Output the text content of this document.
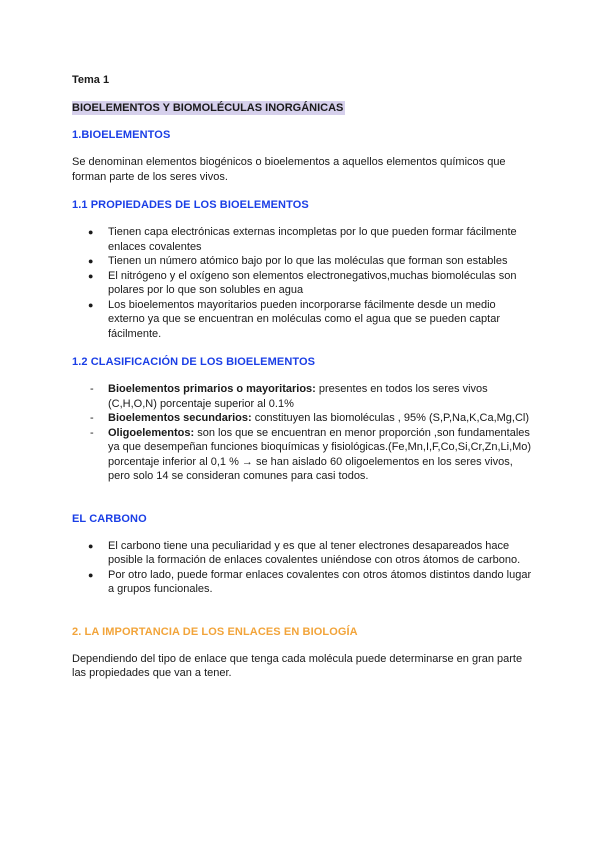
Tema 1

BIOELEMENTOS Y BIOMOLÉCULAS INORGÁNICAS
1.BIOELEMENTOS

Se denominan elementos biogénicos o bioelementos a aquellos elementos químicos que forman parte de los seres vivos.

1.1 PROPIEDADES DE LOS BIOELEMENTOS
● Tienen capa electrónicas externas incompletas por lo que pueden formar fácilmente enlaces covalentes
● Tienen un número atómico bajo por lo que las moléculas que forman son estables
● El nitrógeno y el oxígeno son elementos electronegativos,muchas biomoléculas son polares por lo que son solubles en agua
● Los bioelementos mayoritarios pueden incorporarse fácilmente desde un medio externo ya que se encuentran en moléculas como el agua que se pueden captar fácilmente.
1.2 CLASIFICACIÓN DE LOS BIOELEMENTOS
- Bioelementos primarios o mayoritarios: presentes en todos los seres vivos (C,H,O,N) porcentaje superior al 0.1%
- Bioelementos secundarios: constituyen las biomoléculas , 95% (S,P,Na,K,Ca,Mg,Cl)
- Oligoelementos: son los que se encuentran en menor proporción ,son fundamentales ya que desempeñan funciones bioquímicas y fisiológicas.(Fe,Mn,I,F,Co,Si,Cr,Zn,Li,Mo) porcentaje inferior al 0,1 % → se han aislado 60 oligoelementos en los seres vivos, pero solo 14 se consideran comunes para casi todos.
EL CARBONO
● El carbono tiene una peculiaridad y es que al tener electrones desapareados hace posible la formación de enlaces covalentes uniéndose con otros átomos de carbono.
● Por otro lado, puede formar enlaces covalentes con otros átomos distintos dando lugar a grupos funcionales.
2. LA IMPORTANCIA DE LOS ENLACES EN BIOLOGÍA

Dependiendo del tipo de enlace que tenga cada molécula puede determinarse en gran parte las propiedades que van a tener.
